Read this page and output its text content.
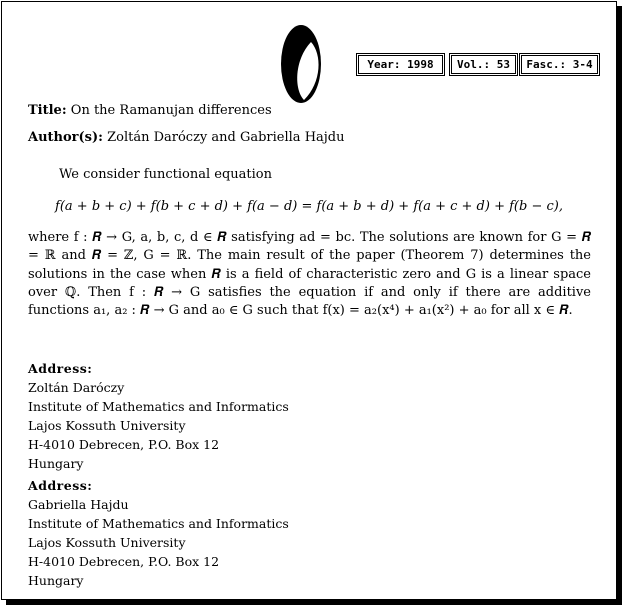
Year: 1998	Vol.: 53	Fasc.: 3-4
Title: On the Ramanujan differences
Author(s): Zoltán Daróczy and Gabriella Hajdu
We consider functional equation
f(a + b + c) + f(b + c + d) + f(a − d) = f(a + b + d) + f(a + c + d) + f(b − c),
where f : 𝑹 → G, a, b, c, d ∈ 𝑹 satisfying ad = bc. The solutions are known for G = 𝑹 = ℝ and 𝑹 = ℤ, G = ℝ. The main result of the paper (Theorem 7) determines the solutions in the case when 𝑹 is a field of characteristic zero and G is a linear space over ℚ. Then f : 𝑹 → G satisfies the equation if and only if there are additive functions a₁, a₂ : 𝑹 → G and a₀ ∈ G such that f(x) = a₂(x⁴) + a₁(x²) + a₀ for all x ∈ 𝑹.
Address:
Zoltán Daróczy
Institute of Mathematics and Informatics
Lajos Kossuth University
H-4010 Debrecen, P.O. Box 12
Hungary
Address:
Gabriella Hajdu
Institute of Mathematics and Informatics
Lajos Kossuth University
H-4010 Debrecen, P.O. Box 12
Hungary
